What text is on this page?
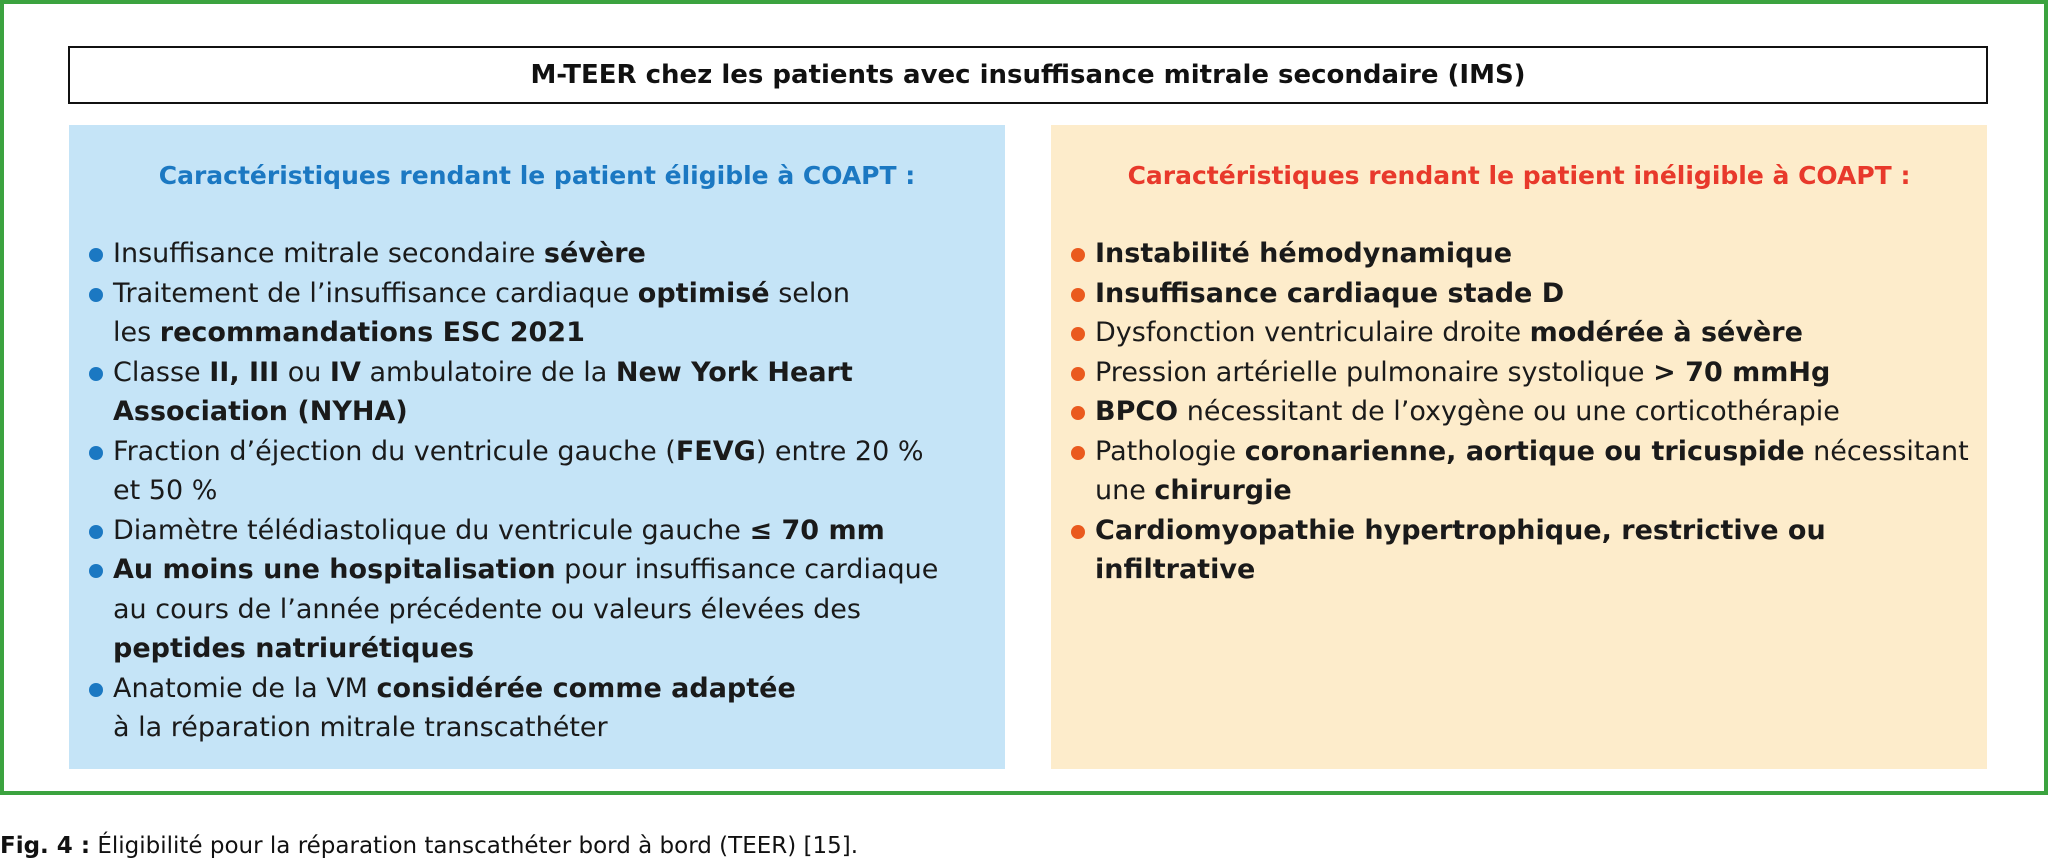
M-TEER chez les patients avec insuffisance mitrale secondaire (IMS)
Caractéristiques rendant le patient éligible à COAPT :
Insuffisance mitrale secondaire sévère
Traitement de l’insuffisance cardiaque optimisé selon
les recommandations ESC 2021
Classe II, III ou IV ambulatoire de la New York Heart
Association (NYHA)
Fraction d’éjection du ventricule gauche (FEVG) entre 20 %
et 50 %
Diamètre télédiastolique du ventricule gauche ≤ 70 mm
Au moins une hospitalisation pour insuffisance cardiaque
au cours de l’année précédente ou valeurs élevées des
peptides natriurétiques
Anatomie de la VM considérée comme adaptée
à la réparation mitrale transcathéter
Caractéristiques rendant le patient inéligible à COAPT :
Instabilité hémodynamique
Insuffisance cardiaque stade D
Dysfonction ventriculaire droite modérée à sévère
Pression artérielle pulmonaire systolique > 70 mmHg
BPCO nécessitant de l’oxygène ou une corticothérapie
Pathologie coronarienne, aortique ou tricuspide nécessitant
une chirurgie
Cardiomyopathie hypertrophique, restrictive ou infiltrative
Fig. 4 : Éligibilité pour la réparation tanscathéter bord à bord (TEER) [15].
